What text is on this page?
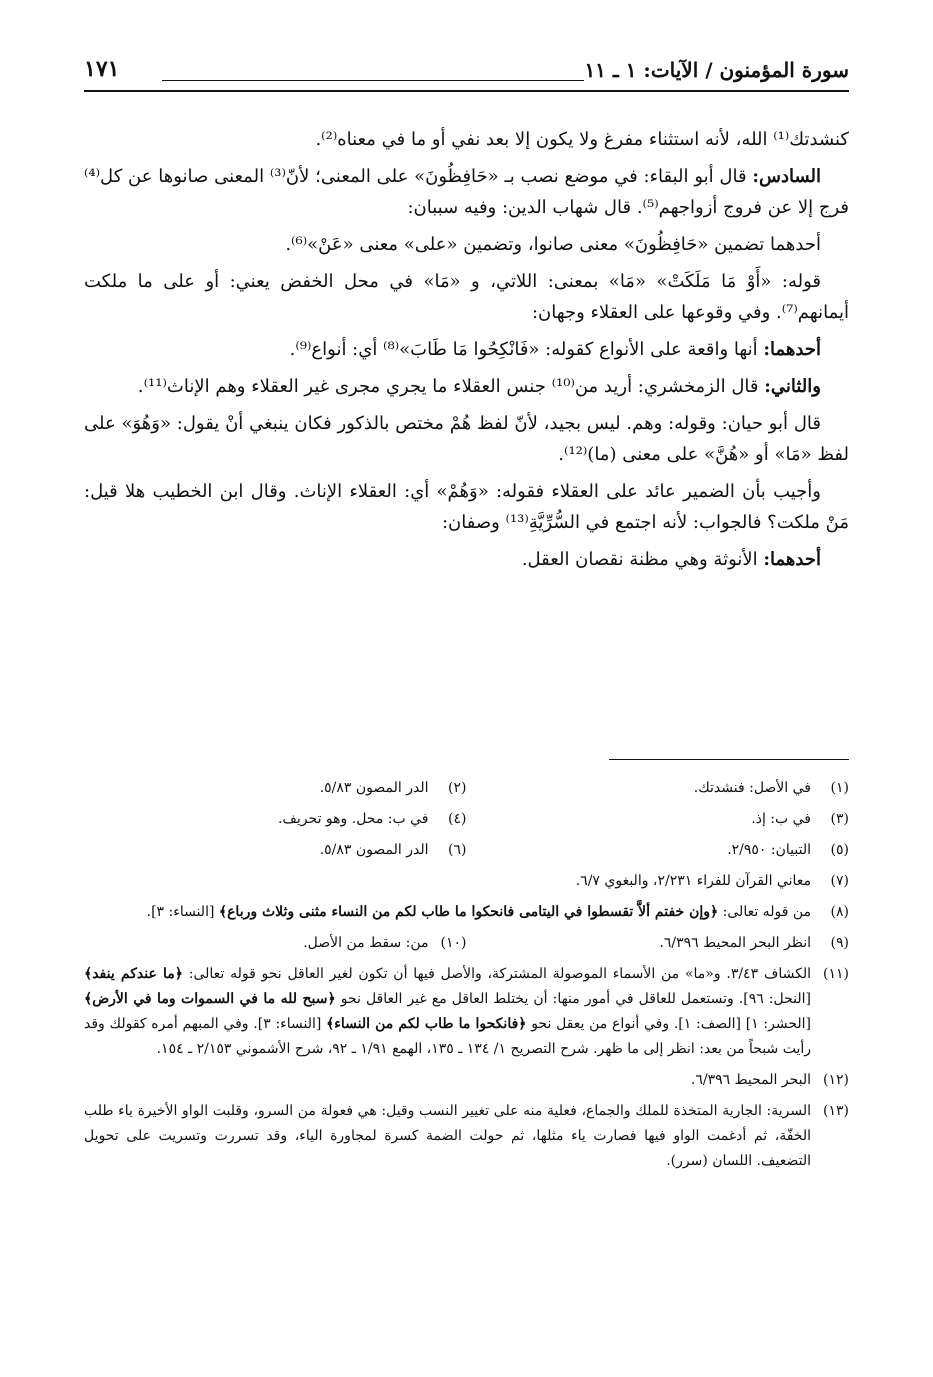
سورة المؤمنون / الآيات: ١ ـ ١١
١٧١

كنشدتك⁽¹⁾ الله، لأنه استثناء مفرغ ولا يكون إلا بعد نفي أو ما في معناه⁽²⁾.

السادس: قال أبو البقاء: في موضع نصب بـ «حَافِظُونَ» على المعنى؛ لأنّ⁽³⁾ المعنى صانوها عن كل⁽⁴⁾ فرج إلا عن فروج أزواجهم⁽⁵⁾. قال شهاب الدين: وفيه سببان:

أحدهما تضمين «حَافِظُونَ» معنى صانوا، وتضمين «على» معنى «عَنْ»⁽⁶⁾.

قوله: «أَوْ مَا مَلَكَتْ» «مَا» بمعنى: اللاتي، و «مَا» في محل الخفض يعني: أو على ما ملكت أيمانهم⁽⁷⁾. وفي وقوعها على العقلاء وجهان:

أحدهما: أنها واقعة على الأنواع كقوله: «فَانْكِحُوا مَا طَابَ»⁽⁸⁾ أي: أنواع⁽⁹⁾.

والثاني: قال الزمخشري: أريد من⁽¹⁰⁾ جنس العقلاء ما يجري مجرى غير العقلاء وهم الإناث⁽¹¹⁾.

قال أبو حيان: وقوله: وهم. ليس بجيد، لأنّ لفظ هُمْ مختص بالذكور فكان ينبغي أنْ يقول: «وَهُوَ» على لفظ «مَا» أو «هُنَّ» على معنى (ما)⁽¹²⁾.

وأجيب بأن الضمير عائد على العقلاء فقوله: «وَهُمْ» أي: العقلاء الإناث. وقال ابن الخطيب هلا قيل: مَنْ ملكت؟ فالجواب: لأنه اجتمع في السُّرِّيَّةِ⁽¹³⁾ وصفان:

أحدهما: الأنوثة وهي مظنة نقصان العقل.

(١)
في الأصل: فنشدتك.
(٢)
الدر المصون ٥/٨٣.
(٣)
في ب: إذ.
(٤)
في ب: محل. وهو تحريف.
(٥)
التبيان: ٢/٩٥٠.
(٦)
الدر المصون ٥/٨٣.
(٧)
معاني القرآن للفراء ٢/٢٣١، والبغوي ٦/٧.
(٨)
من قوله تعالى: ﴿وإن خفتم ألاَّ تقسطوا في اليتامى فانحكوا ما طاب لكم من النساء مثنى وثلاث ورباع﴾ [النساء: ٣].
(٩)
انظر البحر المحيط ٦/٣٩٦.
(١٠)
من: سقط من الأصل.
(١١)
الكشاف ٣/٤٣. و«ما» من الأسماء الموصولة المشتركة، والأصل فيها أن تكون لغير العاقل نحو قوله تعالى: ﴿ما عندكم ينفد﴾ [النحل: ٩٦]. وتستعمل للعاقل في أمور منها: أن يختلط العاقل مع غير العاقل نحو ﴿سبح لله ما في السموات وما في الأرض﴾ [الحشر: ١] [الصف: ١]. وفي أنواع من يعقل نحو ﴿فانكحوا ما طاب لكم من النساء﴾ [النساء: ٣]. وفي المبهم أمره كقولك وقد رأيت شبحاً من بعد: انظر إلى ما ظهر. شرح التصريح ١/ ١٣٤ ـ ١٣٥، الهمع ١/٩١ ـ ٩٢، شرح الأشموني ٢/١٥٣ ـ ١٥٤.
(١٢)
البحر المحيط ٦/٣٩٦.
(١٣)
السرية: الجارية المتخذة للملك والجماع، فعلية منه على تغيير النسب وقيل: هي فعولة من السرو، وقلبت الواو الأخيرة ياء طلب الخفّة، ثم أدغمت الواو فيها فصارت ياء مثلها، ثم حولت الضمة كسرة لمجاورة الياء، وقد تسررت وتسريت على تحويل التضعيف. اللسان (سرر).
